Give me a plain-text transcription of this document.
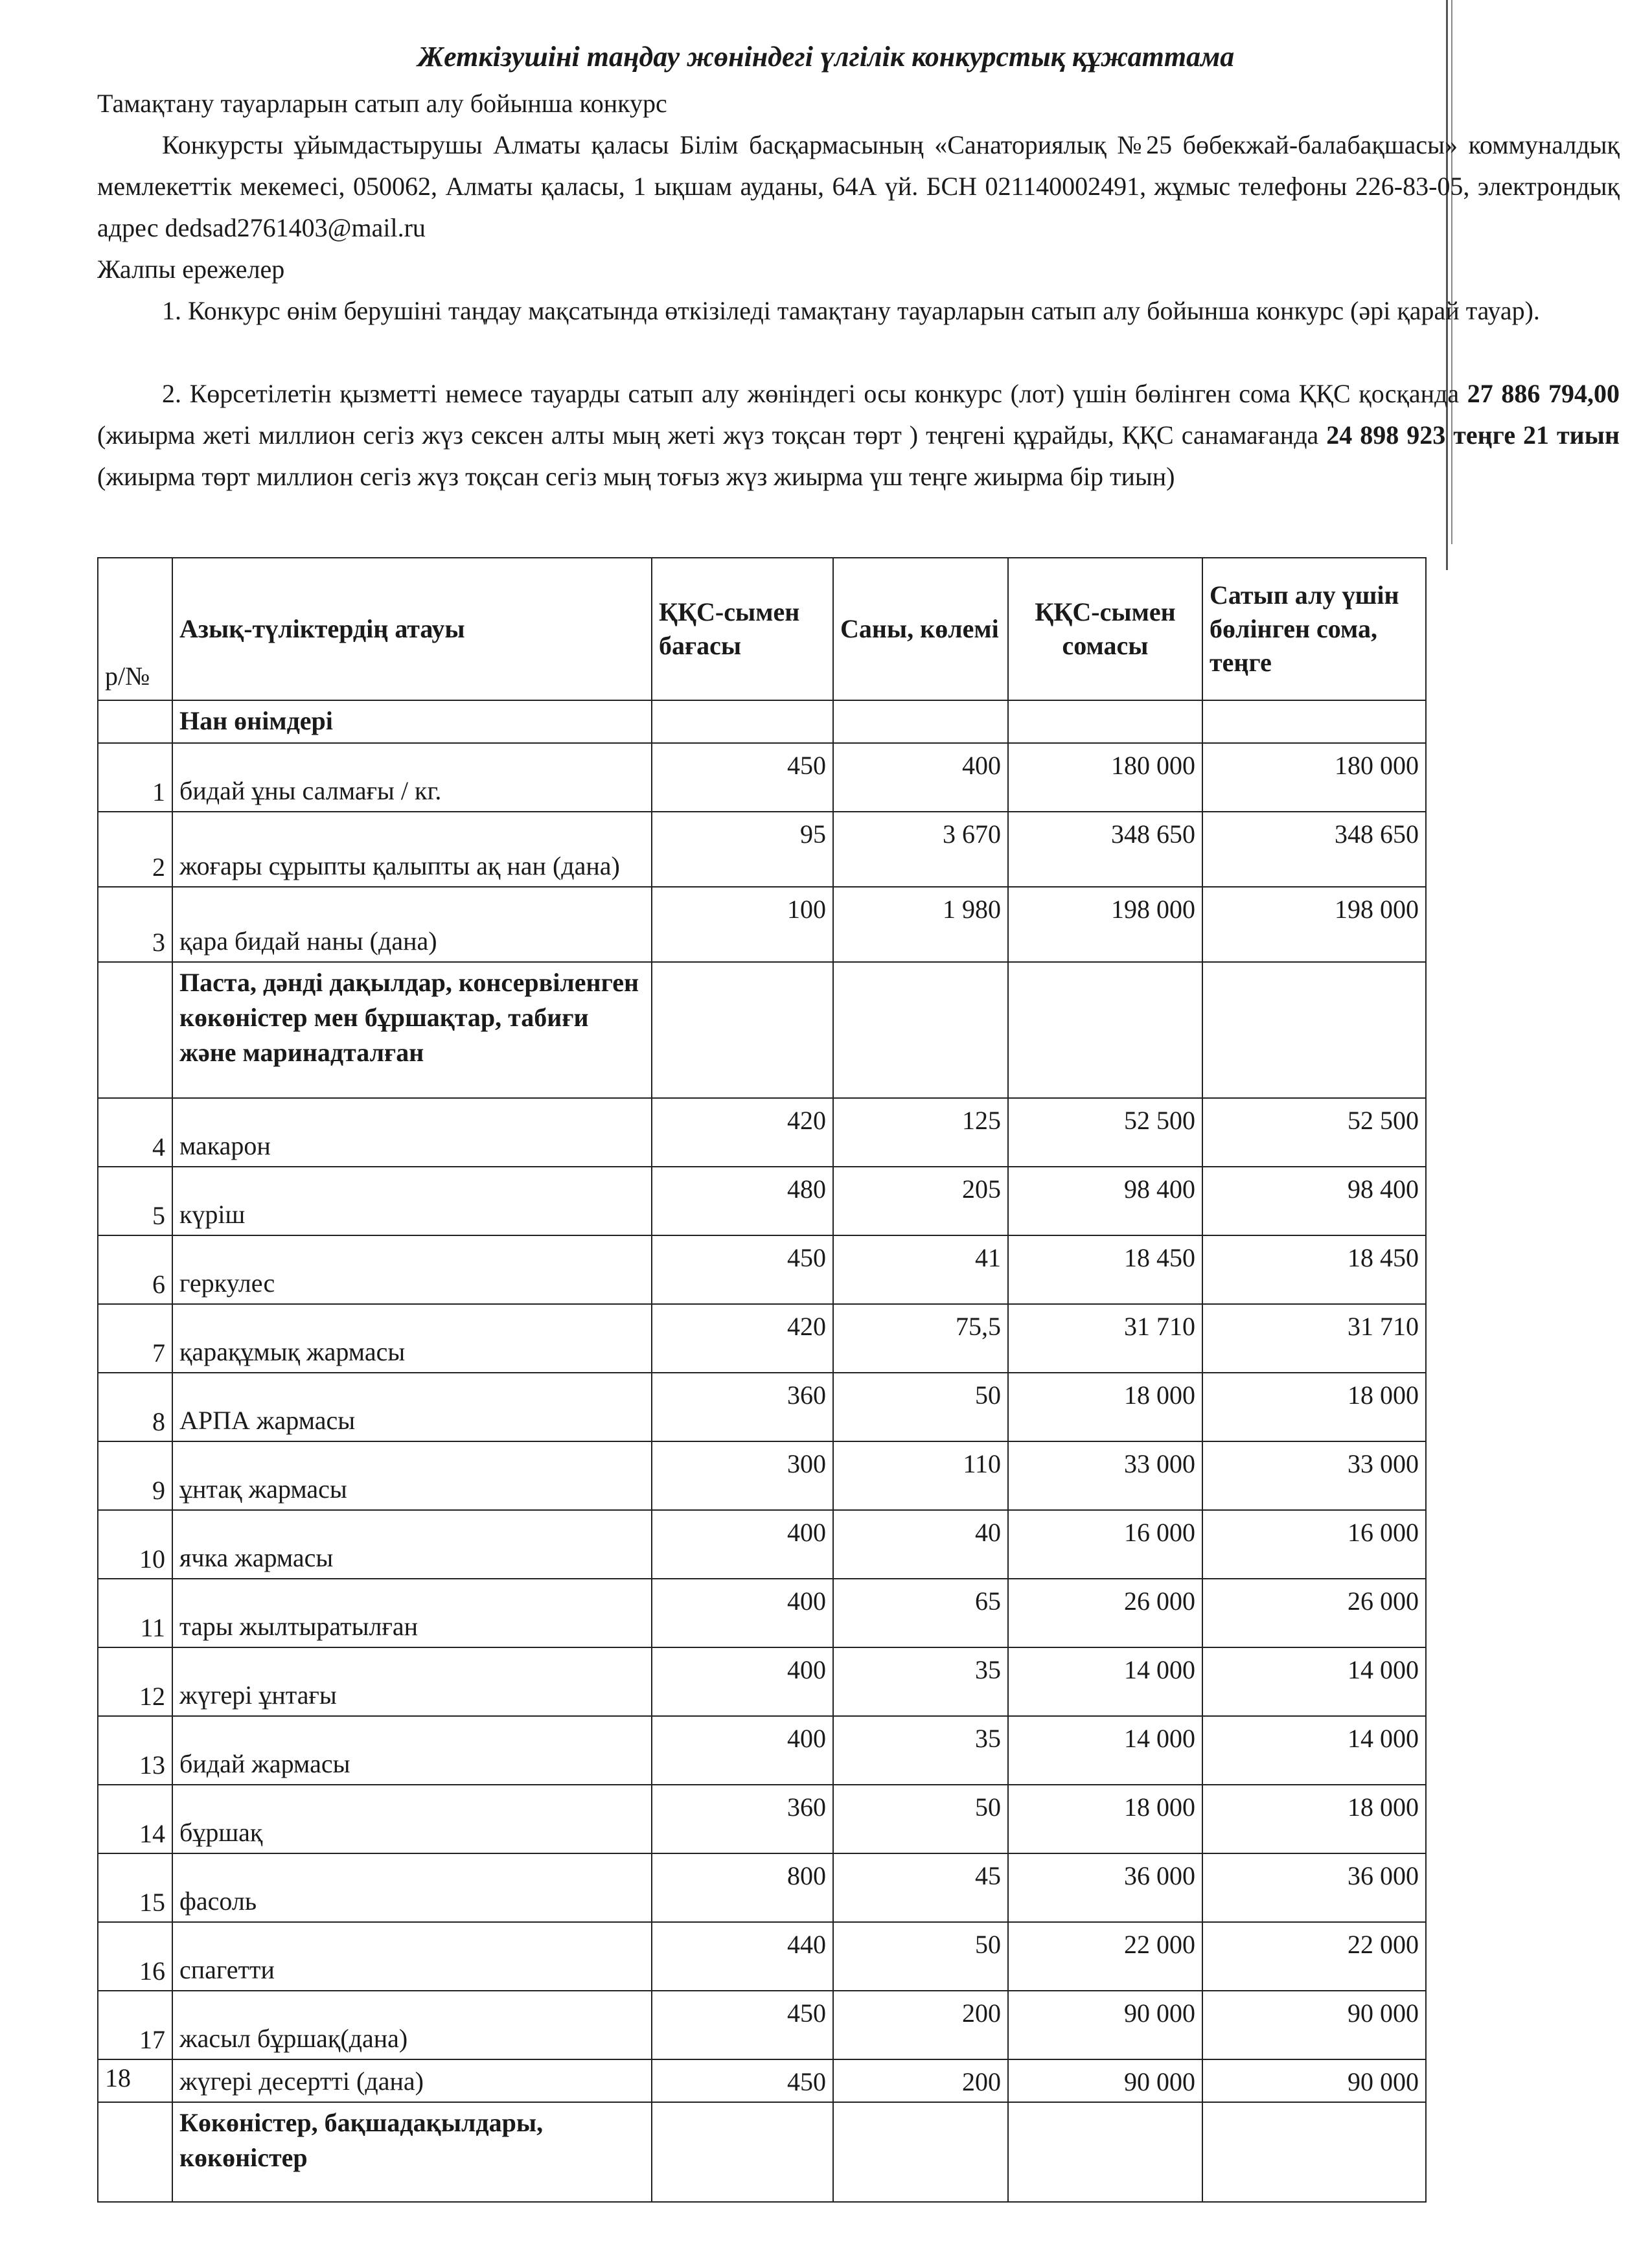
Жеткізушіні таңдау жөніндегі үлгілік конкурстық құжаттама
Тамақтану тауарларын сатып алу бойынша конкурс
Конкурсты ұйымдастырушы Алматы қаласы Білім басқармасының «Санаториялық №25 бөбекжай-балабақшасы» коммуналдық мемлекеттік мекемесі, 050062, Алматы қаласы, 1 ықшам ауданы, 64А үй. БСН 021140002491, жұмыс телефоны 226-83-05, электрондық адрес dedsad2761403@mail.ru
Жалпы ережелер
1. Конкурс өнім берушіні таңдау мақсатында өткізіледі тамақтану тауарларын сатып алу бойынша конкурс (әрі қарай тауар).
2. Көрсетілетін қызметті немесе тауарды сатып алу жөніндегі осы конкурс (лот) үшін бөлінген сома ҚҚС қосқанда 27 886 794,00 (жиырма жеті миллион сегіз жүз сексен алты мың жеті жүз тоқсан төрт ) теңгені құрайды, ҚҚС санамағанда 24 898 923 теңге 21 тиын (жиырма төрт миллион сегіз жүз тоқсан сегіз мың тоғыз жүз жиырма үш теңге жиырма бір тиын)
р/№	Азық-түліктердің атауы	ҚҚС-сымен бағасы	Саны, көлемі	ҚҚС-сымен сомасы	Сатып алу үшін бөлінген сома, теңге
	Нан өнімдері				
1	бидай ұны салмағы / кг.	450	400	180 000	180 000
2	жоғары сұрыпты қалыпты ақ нан (дана)	95	3 670	348 650	348 650
3	қара бидай наны (дана)	100	1 980	198 000	198 000
	Паста, дәнді дақылдар, консервіленген көкөністер мен бұршақтар, табиғи және маринадталған				
4	макарон	420	125	52 500	52 500
5	күріш	480	205	98 400	98 400
6	геркулес	450	41	18 450	18 450
7	қарақұмық жармасы	420	75,5	31 710	31 710
8	АРПА жармасы	360	50	18 000	18 000
9	ұнтақ жармасы	300	110	33 000	33 000
10	ячка жармасы	400	40	16 000	16 000
11	тары жылтыратылған	400	65	26 000	26 000
12	жүгері ұнтағы	400	35	14 000	14 000
13	бидай жармасы	400	35	14 000	14 000
14	бұршақ	360	50	18 000	18 000
15	фасоль	800	45	36 000	36 000
16	спагетти	440	50	22 000	22 000
17	жасыл бұршақ(дана)	450	200	90 000	90 000
18	жүгері десерттi (дана)	450	200	90 000	90 000
	Көкөністер, бақшадақылдары, көкөністер				
